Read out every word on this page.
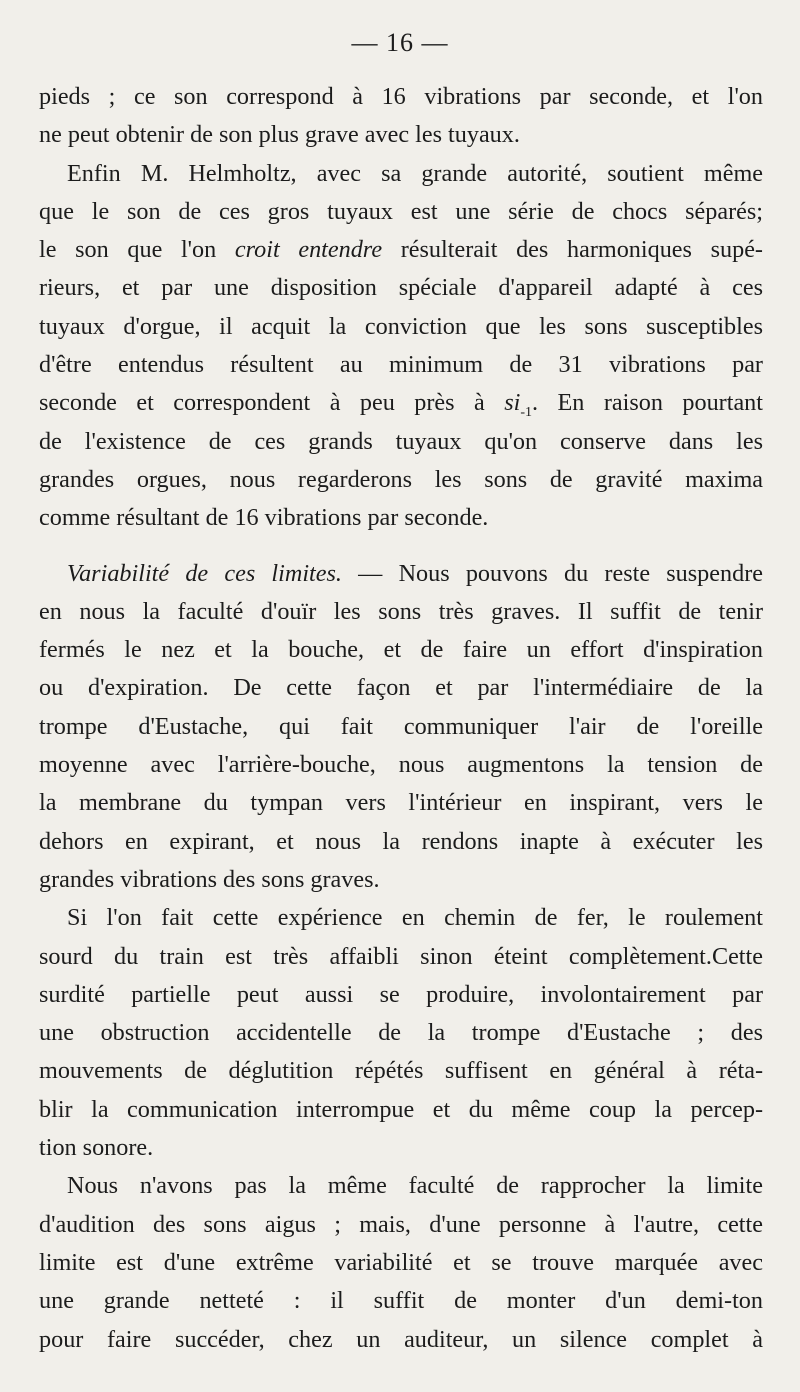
— 16 —
pieds ; ce son correspond à 16 vibrations par seconde, et l'on
ne peut obtenir de son plus grave avec les tuyaux.
Enfin M. Helmholtz, avec sa grande autorité, soutient même
que le son de ces gros tuyaux est une série de chocs séparés;
le son que l'on croit entendre résulterait des harmoniques supé-
rieurs, et par une disposition spéciale d'appareil adapté à ces
tuyaux d'orgue, il acquit la conviction que les sons susceptibles
d'être entendus résultent au minimum de 31 vibrations par
seconde et correspondent à peu près à $si_{-1}$. En raison pourtant
de l'existence de ces grands tuyaux qu'on conserve dans les
grandes orgues, nous regarderons les sons de gravité maxima
comme résultant de 16 vibrations par seconde.
Variabilité de ces limites. — Nous pouvons du reste suspendre
en nous la faculté d'ouïr les sons très graves. Il suffit de tenir
fermés le nez et la bouche, et de faire un effort d'inspiration
ou d'expiration. De cette façon et par l'intermédiaire de la
trompe d'Eustache, qui fait communiquer l'air de l'oreille
moyenne avec l'arrière-bouche, nous augmentons la tension de
la membrane du tympan vers l'intérieur en inspirant, vers le
dehors en expirant, et nous la rendons inapte à exécuter les
grandes vibrations des sons graves.
Si l'on fait cette expérience en chemin de fer, le roulement
sourd du train est très affaibli sinon éteint complètement.Cette
surdité partielle peut aussi se produire, involontairement par
une obstruction accidentelle de la trompe d'Eustache ; des
mouvements de déglutition répétés suffisent en général à réta-
blir la communication interrompue et du même coup la percep-
tion sonore.
Nous n'avons pas la même faculté de rapprocher la limite
d'audition des sons aigus ; mais, d'une personne à l'autre, cette
limite est d'une extrême variabilité et se trouve marquée avec
une grande netteté : il suffit de monter d'un demi-ton
pour faire succéder, chez un auditeur, un silence complet à
